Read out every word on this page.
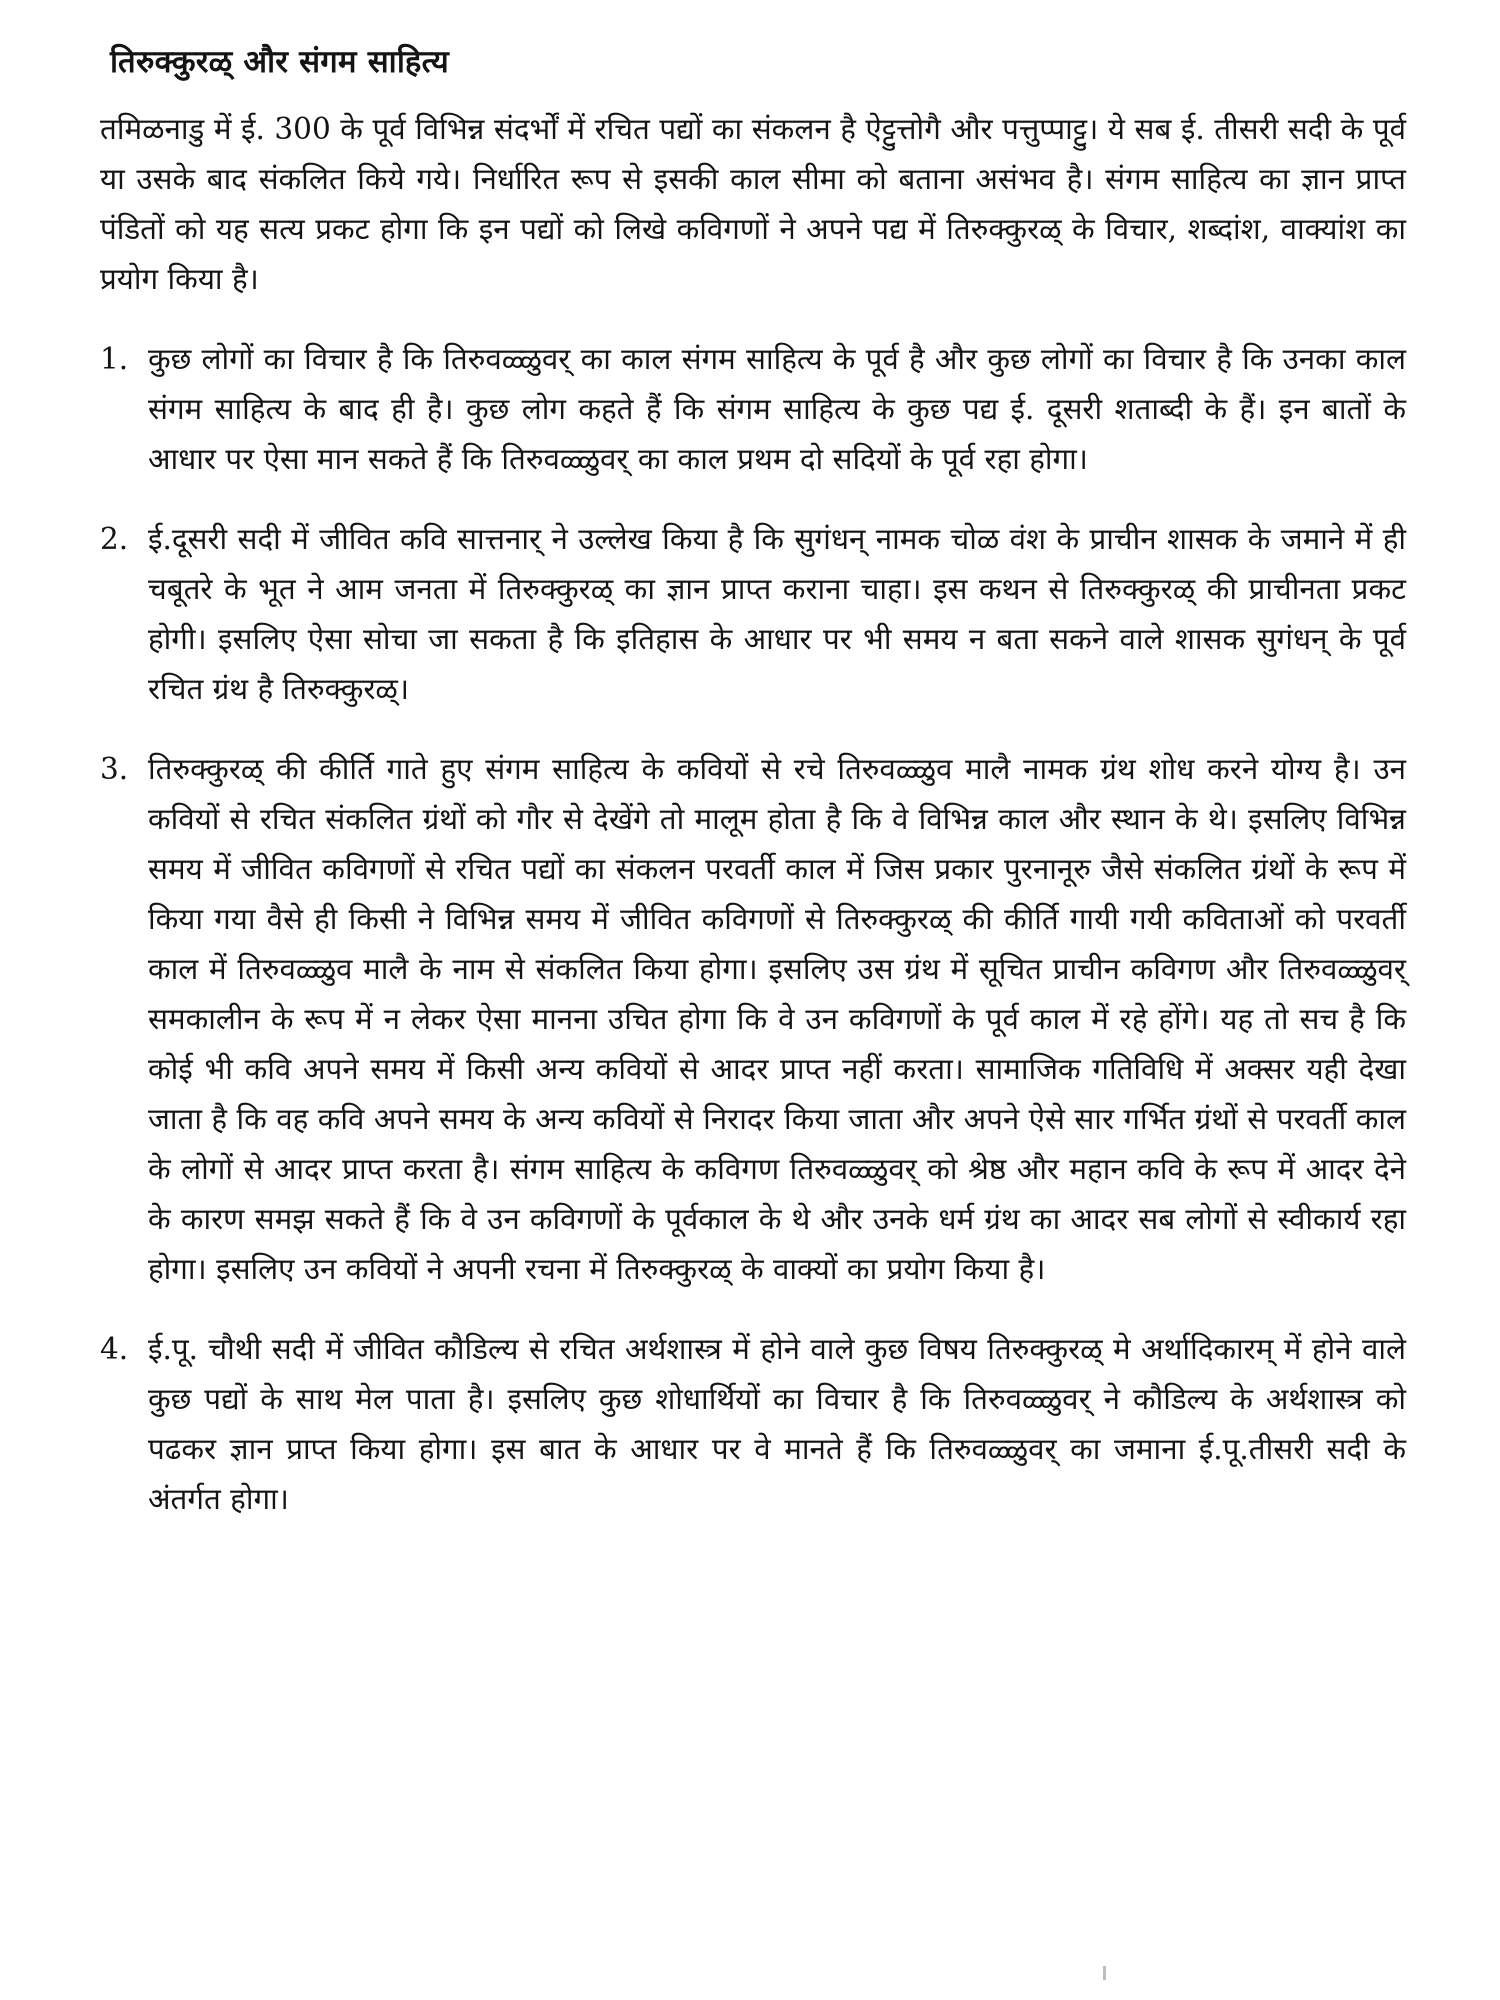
तिरुक्कुरळ् और संगम साहित्य

तमिळनाडु में ई. 300 के पूर्व विभिन्न संदर्भों में रचित पद्यों का संकलन है ऐट्टुत्तोगै और पत्तुप्पाट्टु। ये सब ई. तीसरी सदी के पूर्व या उसके बाद संकलित किये गये। निर्धारित रूप से इसकी काल सीमा को बताना असंभव है। संगम साहित्य का ज्ञान प्राप्त पंडितों को यह सत्य प्रकट होगा कि इन पद्यों को लिखे कविगणों ने अपने पद्य में तिरुक्कुरळ् के विचार, शब्दांश, वाक्यांश का प्रयोग किया है।

1. कुछ लोगों का विचार है कि तिरुवळ्ळुवर् का काल संगम साहित्य के पूर्व है और कुछ लोगों का विचार है कि उनका काल संगम साहित्य के बाद ही है। कुछ लोग कहते हैं कि संगम साहित्य के कुछ पद्य ई. दूसरी शताब्दी के हैं। इन बातों के आधार पर ऐसा मान सकते हैं कि तिरुवळ्ळुवर् का काल प्रथम दो सदियों के पूर्व रहा होगा।

2. ई.दूसरी सदी में जीवित कवि सात्तनार् ने उल्लेख किया है कि सुगंधन् नामक चोळ वंश के प्राचीन शासक के जमाने में ही चबूतरे के भूत ने आम जनता में तिरुक्कुरळ् का ज्ञान प्राप्त कराना चाहा। इस कथन से तिरुक्कुरळ् की प्राचीनता प्रकट होगी। इसलिए ऐसा सोचा जा सकता है कि इतिहास के आधार पर भी समय न बता सकने वाले शासक सुगंधन् के पूर्व रचित ग्रंथ है तिरुक्कुरळ्।

3. तिरुक्कुरळ् की कीर्ति गाते हुए संगम साहित्य के कवियों से रचे तिरुवळ्ळुव मालै नामक ग्रंथ शोध करने योग्य है। उन कवियों से रचित संकलित ग्रंथों को गौर से देखेंगे तो मालूम होता है कि वे विभिन्न काल और स्थान के थे। इसलिए विभिन्न समय में जीवित कविगणों से रचित पद्यों का संकलन परवर्ती काल में जिस प्रकार पुरनानूरु जैसे संकलित ग्रंथों के रूप में किया गया वैसे ही किसी ने विभिन्न समय में जीवित कविगणों से तिरुक्कुरळ् की कीर्ति गायी गयी कविताओं को परवर्ती काल में तिरुवळ्ळुव मालै के नाम से संकलित किया होगा। इसलिए उस ग्रंथ में सूचित प्राचीन कविगण और तिरुवळ्ळुवर् समकालीन के रूप में न लेकर ऐसा मानना उचित होगा कि वे उन कविगणों के पूर्व काल में रहे होंगे। यह तो सच है कि कोई भी कवि अपने समय में किसी अन्य कवियों से आदर प्राप्त नहीं करता। सामाजिक गतिविधि में अक्सर यही देखा जाता है कि वह कवि अपने समय के अन्य कवियों से निरादर किया जाता और अपने ऐसे सार गर्भित ग्रंथों से परवर्ती काल के लोगों से आदर प्राप्त करता है। संगम साहित्य के कविगण तिरुवळ्ळुवर् को श्रेष्ठ और महान कवि के रूप में आदर देने के कारण समझ सकते हैं कि वे उन कविगणों के पूर्वकाल के थे और उनके धर्म ग्रंथ का आदर सब लोगों से स्वीकार्य रहा होगा। इसलिए उन कवियों ने अपनी रचना में तिरुक्कुरळ् के वाक्यों का प्रयोग किया है।

4. ई.पू. चौथी सदी में जीवित कौडिल्य से रचित अर्थशास्त्र में होने वाले कुछ विषय तिरुक्कुरळ् मे अर्थादिकारम् में होने वाले कुछ पद्यों के साथ मेल पाता है। इसलिए कुछ शोधार्थियों का विचार है कि तिरुवळ्ळुवर् ने कौडिल्य के अर्थशास्त्र को पढकर ज्ञान प्राप्त किया होगा। इस बात के आधार पर वे मानते हैं कि तिरुवळ्ळुवर् का जमाना ई.पू.तीसरी सदी के अंतर्गत होगा।
